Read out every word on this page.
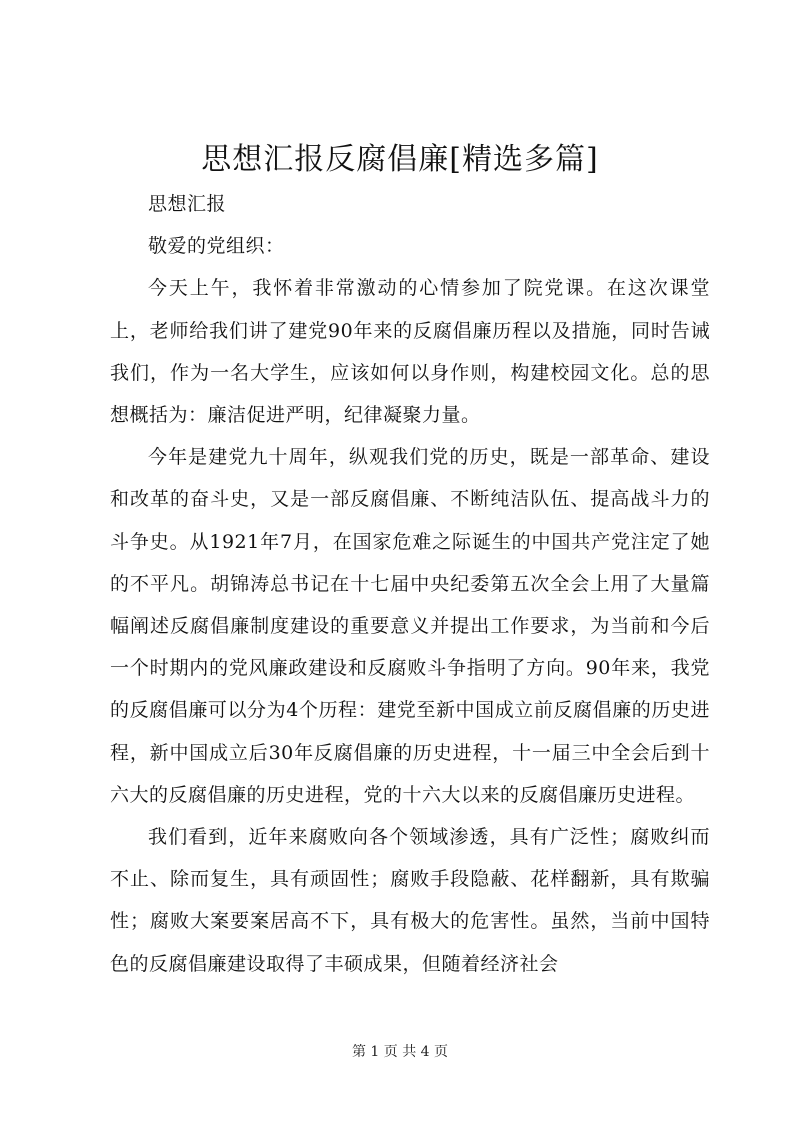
思想汇报反腐倡廉[精选多篇]

思想汇报

敬爱的党组织：

今天上午，我怀着非常激动的心情参加了院党课。在这次课堂上，老师给我们讲了建党90年来的反腐倡廉历程以及措施，同时告诫我们，作为一名大学生，应该如何以身作则，构建校园文化。总的思想概括为：廉洁促进严明，纪律凝聚力量。

今年是建党九十周年，纵观我们党的历史，既是一部革命、建设和改革的奋斗史，又是一部反腐倡廉、不断纯洁队伍、提高战斗力的斗争史。从1921年7月，在国家危难之际诞生的中国共产党注定了她的不平凡。胡锦涛总书记在十七届中央纪委第五次全会上用了大量篇幅阐述反腐倡廉制度建设的重要意义并提出工作要求，为当前和今后一个时期内的党风廉政建设和反腐败斗争指明了方向。90年来，我党的反腐倡廉可以分为4个历程：建党至新中国成立前反腐倡廉的历史进程，新中国成立后30年反腐倡廉的历史进程，十一届三中全会后到十六大的反腐倡廉的历史进程，党的十六大以来的反腐倡廉历史进程。

我们看到，近年来腐败向各个领域渗透，具有广泛性；腐败纠而不止、除而复生，具有顽固性；腐败手段隐蔽、花样翻新，具有欺骗性；腐败大案要案居高不下，具有极大的危害性。虽然，当前中国特色的反腐倡廉建设取得了丰硕成果，但随着经济社会

第 1 页 共 4 页
